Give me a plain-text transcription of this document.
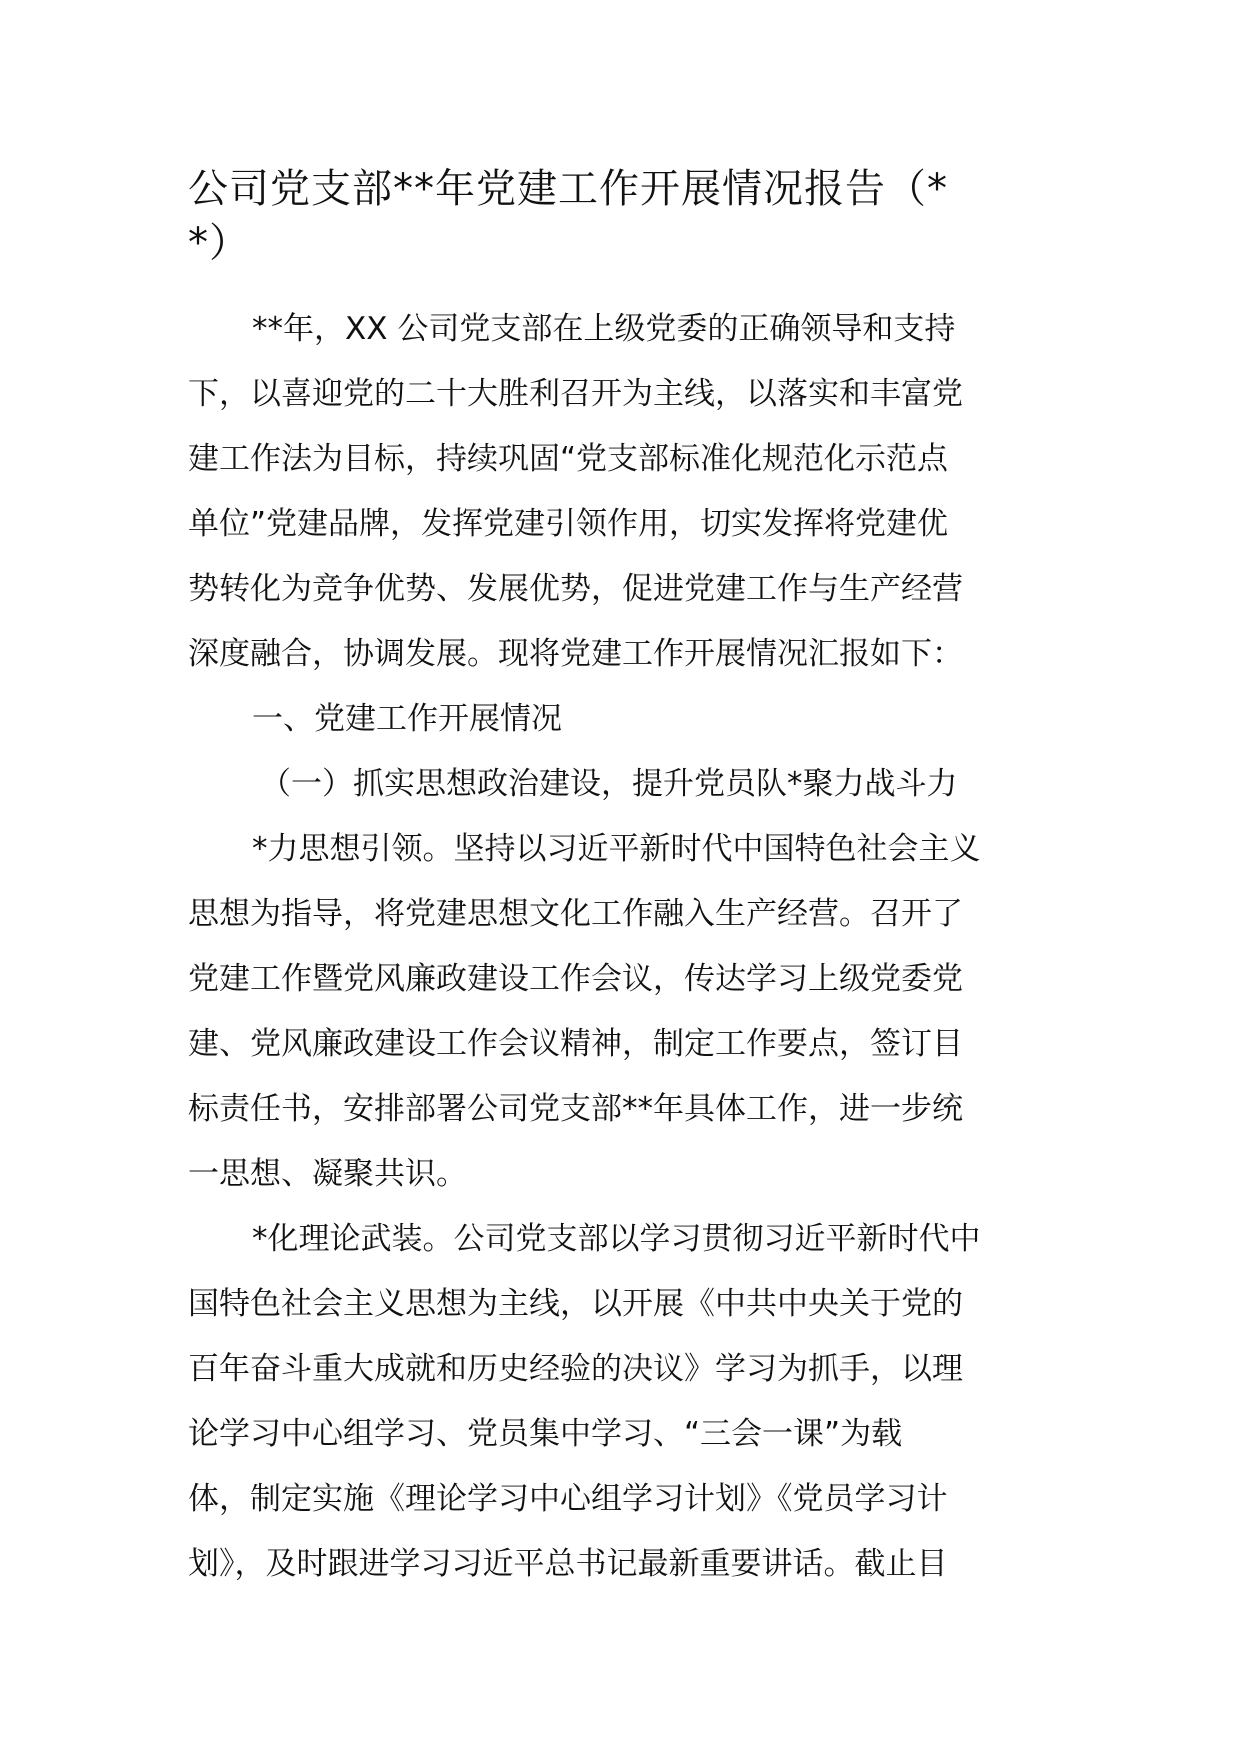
公司党支部**年党建工作开展情况报告（*
*）
**年，XX 公司党支部在上级党委的正确领导和支持
下，以喜迎党的二十大胜利召开为主线，以落实和丰富党
建工作法为目标，持续巩固“党支部标准化规范化示范点
单位”党建品牌，发挥党建引领作用，切实发挥将党建优
势转化为竞争优势、发展优势，促进党建工作与生产经营
深度融合，协调发展。现将党建工作开展情况汇报如下：
一、党建工作开展情况
（一）抓实思想政治建设，提升党员队*聚力战斗力
*力思想引领。坚持以习近平新时代中国特色社会主义
思想为指导，将党建思想文化工作融入生产经营。召开了
党建工作暨党风廉政建设工作会议，传达学习上级党委党
建、党风廉政建设工作会议精神，制定工作要点，签订目
标责任书，安排部署公司党支部**年具体工作，进一步统
一思想、凝聚共识。
*化理论武装。公司党支部以学习贯彻习近平新时代中
国特色社会主义思想为主线，以开展《中共中央关于党的
百年奋斗重大成就和历史经验的决议》学习为抓手，以理
论学习中心组学习、党员集中学习、“三会一课”为载
体，制定实施《理论学习中心组学习计划》《党员学习计
划》，及时跟进学习习近平总书记最新重要讲话。截止目
